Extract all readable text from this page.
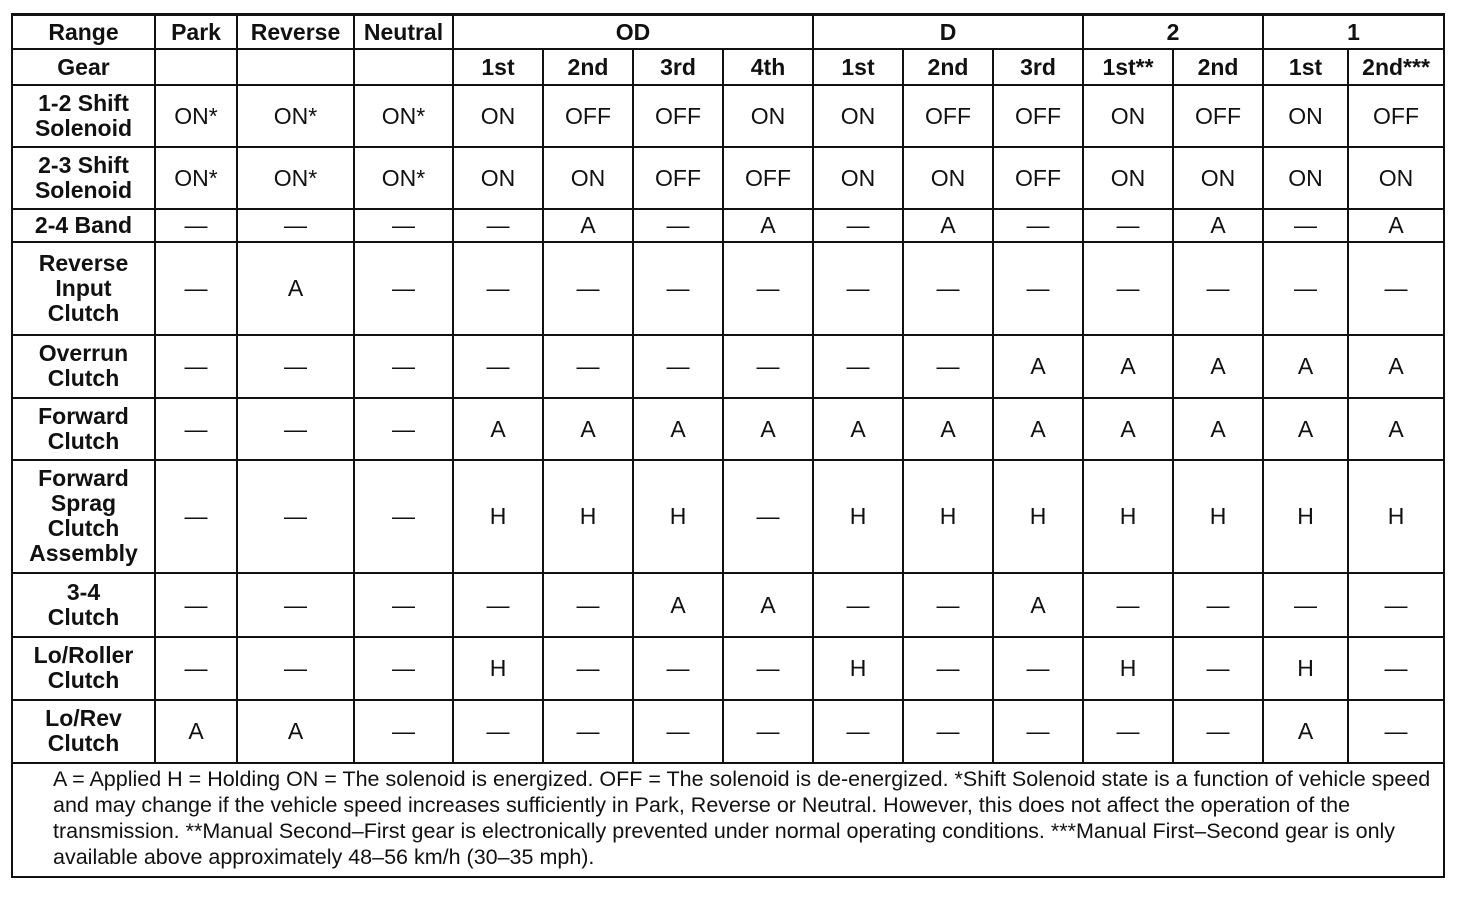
Range	Park	Reverse	Neutral	OD				D			2		1	
Gear				1st	2nd	3rd	4th	1st	2nd	3rd	1st**	2nd	1st	2nd***
1-2 Shift
Solenoid	ON*	ON*	ON*	ON	OFF	OFF	ON	ON	OFF	OFF	ON	OFF	ON	OFF
2-3 Shift
Solenoid	ON*	ON*	ON*	ON	ON	OFF	OFF	ON	ON	OFF	ON	ON	ON	ON
2-4 Band	—	—	—	—	A	—	A	—	A	—	—	A	—	A
Reverse
Input
Clutch	—	A	—	—	—	—	—	—	—	—	—	—	—	—
Overrun
Clutch	—	—	—	—	—	—	—	—	—	A	A	A	A	A
Forward
Clutch	—	—	—	A	A	A	A	A	A	A	A	A	A	A
Forward
Sprag
Clutch
Assembly	—	—	—	H	H	H	—	H	H	H	H	H	H	H
3-4
Clutch	—	—	—	—	—	A	A	—	—	A	—	—	—	—
Lo/Roller
Clutch	—	—	—	H	—	—	—	H	—	—	H	—	H	—
Lo/Rev
Clutch	A	A	—	—	—	—	—	—	—	—	—	—	A	—
A = Applied H = Holding ON = The solenoid is energized. OFF = The solenoid is de-energized. *Shift Solenoid state is a function of vehicle speed and may change if the vehicle speed increases sufficiently in Park, Reverse or Neutral. However, this does not affect the operation of the transmission. **Manual Second–First gear is electronically prevented under normal operating conditions. ***Manual First–Second gear is only available above approximately 48–56 km/h (30–35 mph).														
